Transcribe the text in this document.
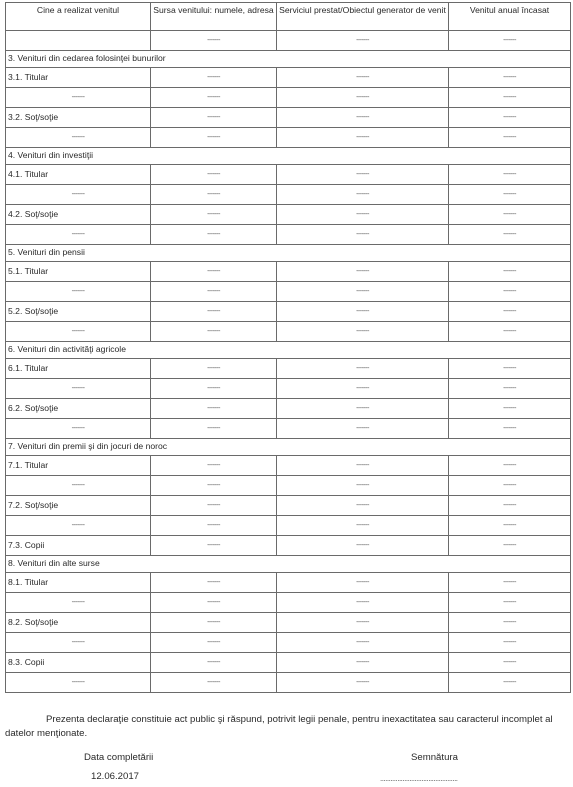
Cine a realizat venitul	Sursa venitului: numele, adresa	Serviciul prestat/Obiectul generator de venit	Venitul anual încasat
	-------	-------	-------
3. Venituri din cedarea folosinţei bunurilor			
3.1. Titular	-------	-------	-------
-------	-------	-------	-------
3.2. Soţ/soţie	-------	-------	-------
-------	-------	-------	-------
4. Venituri din investiţii			
4.1. Titular	-------	-------	-------
-------	-------	-------	-------
4.2. Soţ/soţie	-------	-------	-------
-------	-------	-------	-------
5. Venituri din pensii			
5.1. Titular	-------	-------	-------
-------	-------	-------	-------
5.2. Soţ/soţie	-------	-------	-------
-------	-------	-------	-------
6. Venituri din activităţi agricole			
6.1. Titular	-------	-------	-------
-------	-------	-------	-------
6.2. Soţ/soţie	-------	-------	-------
-------	-------	-------	-------
7. Venituri din premii şi din jocuri de noroc			
7.1. Titular	-------	-------	-------
-------	-------	-------	-------
7.2. Soţ/soţie	-------	-------	-------
-------	-------	-------	-------
7.3. Copii	-------	-------	-------
8. Venituri din alte surse			
8.1. Titular	-------	-------	-------
-------	-------	-------	-------
8.2. Soţ/soţie	-------	-------	-------
-------	-------	-------	-------
8.3. Copii	-------	-------	-------
-------	-------	-------	-------
Prezenta declaraţie constituie act public şi răspund, potrivit legii penale, pentru inexactitatea sau caracterul incomplet al datelor menţionate.
Data completării
12.06.2017
Semnătura
.............................................
